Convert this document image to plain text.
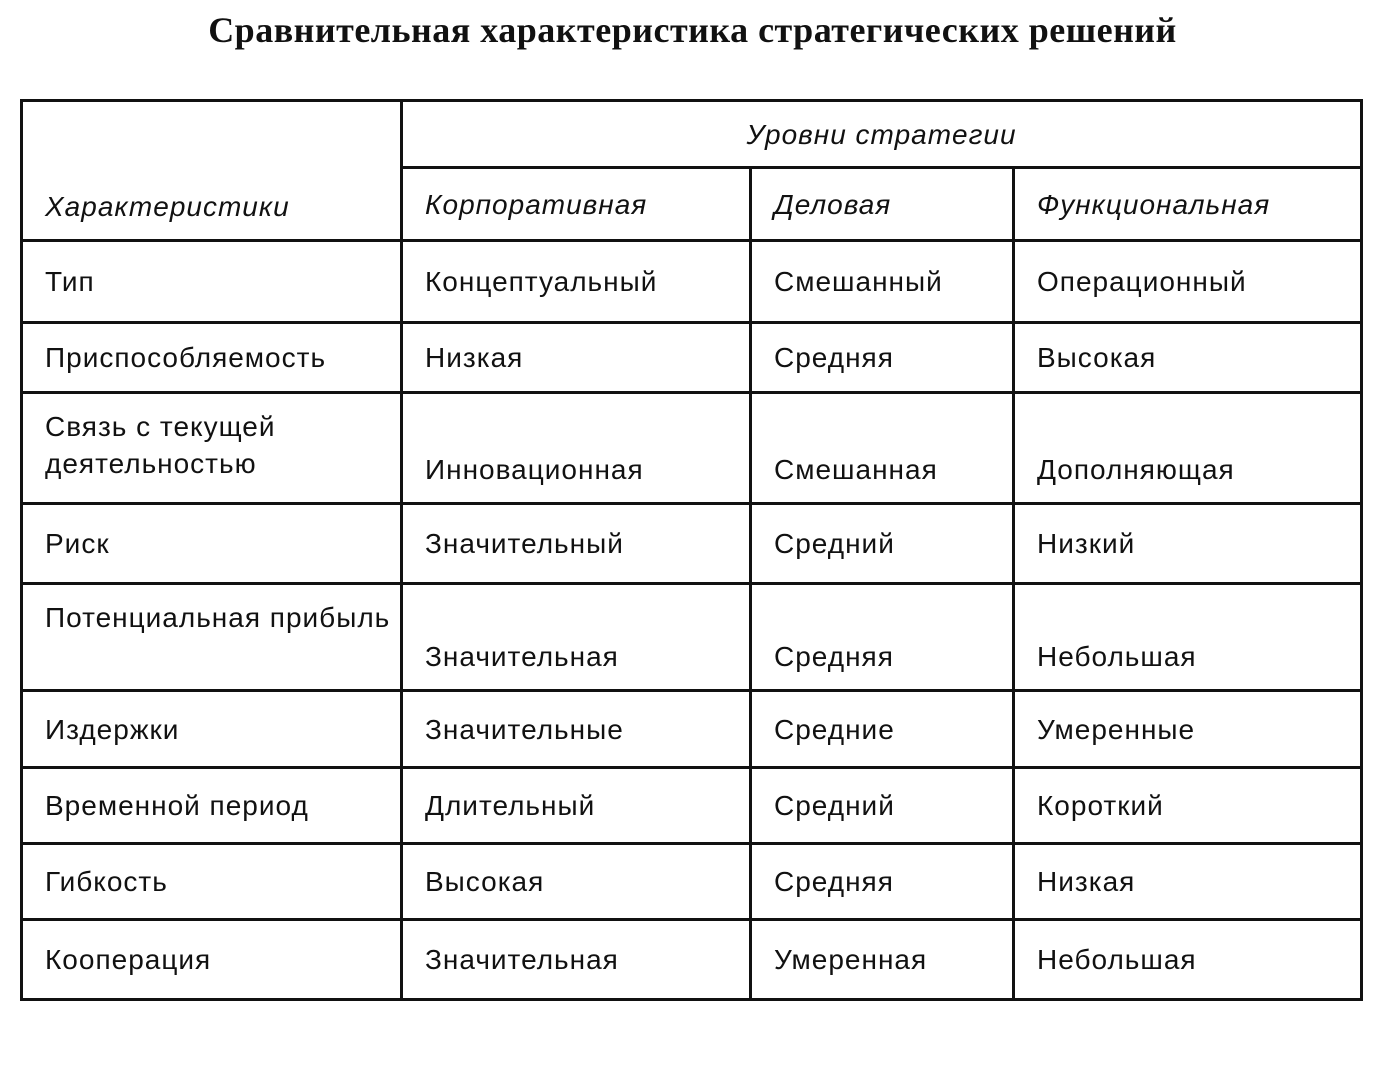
Сравнительная характеристика стратегических решений
Характеристики	Уровни стратегии		
	Корпоративная	Деловая	Функциональная
Тип	Концептуальный	Смешанный	Операционный
Приспособляемость	Низкая	Средняя	Высокая
Связь с текущей деятельностью	Инновационная	Смешанная	Дополняющая
Риск	Значительный	Средний	Низкий
Потенциальная прибыль	Значительная	Средняя	Небольшая
Издержки	Значительные	Средние	Умеренные
Временной период	Длительный	Средний	Короткий
Гибкость	Высокая	Средняя	Низкая
Кооперация	Значительная	Умеренная	Небольшая
